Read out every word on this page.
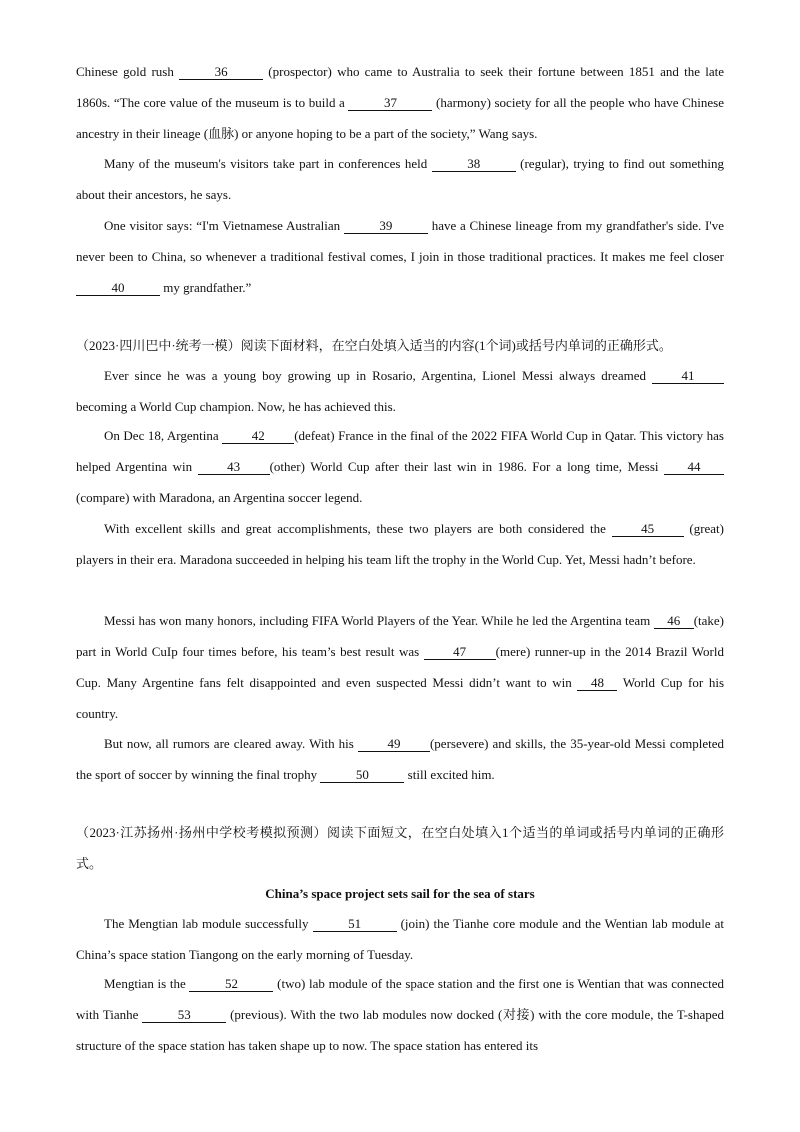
Chinese gold rush	36	(prospector) who came to Australia to seek their fortune between 1851 and the late 1860s. “The core value of the museum is to build a	37	(harmony) society for all the people who have Chinese ancestry in their lineage (血脉) or anyone hoping to be a part of the society,” Wang says.

Many of the museum's visitors take part in conferences held	38	(regular), trying to find out something about their ancestors, he says.

One visitor says: “I'm Vietnamese Australian	39	have a Chinese lineage from my grandfather's side. I've never been to China, so whenever a traditional festival comes, I join in those traditional practices. It makes me feel closer 40	my grandfather.”

（2023·四川巴中·统考一模）阅读下面材料，在空白处填入适当的内容(1个词)或括号内单词的正确形式。

Ever since he was a young boy growing up in Rosario, Argentina, Lionel Messi always dreamed 41 becoming a World Cup champion. Now, he has achieved this.

On Dec 18, Argentina 42 (defeat) France in the final of the 2022 FIFA World Cup in Qatar. This victory has helped Argentina win 43 (other) World Cup after their last win in 1986. For a long time, Messi 44(compare) with Maradona, an Argentina soccer legend.

With excellent skills and great accomplishments, these two players are both considered the 45 (great) players in their era. Maradona succeeded in helping his team lift the trophy in the World Cup. Yet, Messi hadn’t before.

Messi has won many honors, including FIFA World Players of the Year. While he led the Argentina team 46 (take) part in World CuIp four times before, his team’s best result was 47 (mere) runner-up in the 2014 Brazil World Cup. Many Argentine fans felt disappointed and even suspected Messi didn’t want to win 48 World Cup for his country.

But now, all rumors are cleared away. With his 49 (persevere) and skills, the 35-year-old Messi completed the sport of soccer by winning the final trophy	50	still excited him.

（2023·江苏扬州·扬州中学校考模拟预测）阅读下面短文，在空白处填入1个适当的单词或括号内单词的正确形式。

China’s space project sets sail for the sea of stars

The Mengtian lab module successfully	51	(join) the Tianhe core module and the Wentian lab module at China’s space station Tiangong on the early morning of Tuesday.

Mengtian is the	52	(two) lab module of the space station and the first one is Wentian that was connected with Tianhe	53	(previous). With the two lab modules now docked (对接) with the core module, the T-shaped structure of the space station has taken shape up to now. The space station has entered its
